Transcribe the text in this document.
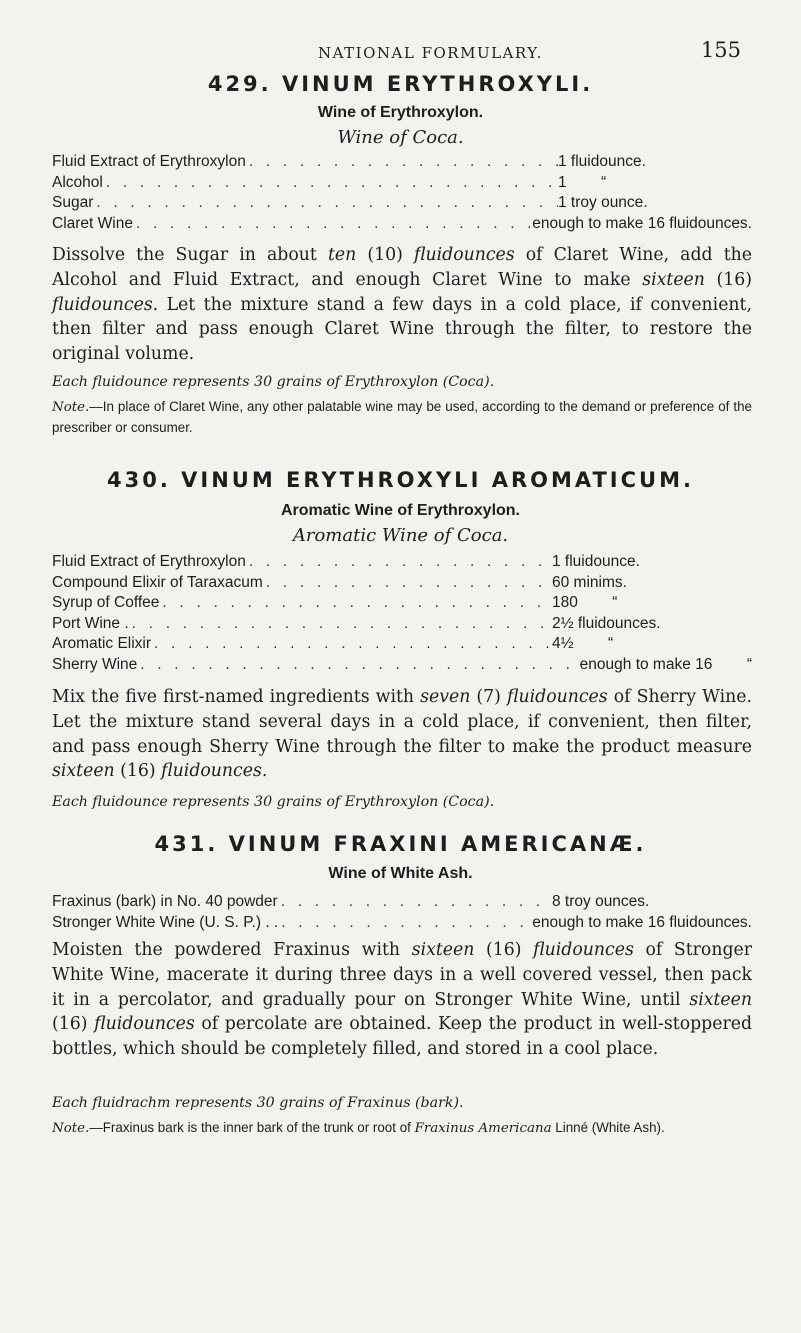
NATIONAL FORMULARY.	155
429. VINUM ERYTHROXYLI.
Wine of Erythroxylon.
Wine of Coca.
Fluid Extract of Erythroxylon . . .	1 fluidounce.
Alcohol . . .	1        “
Sugar . . .	1 troy ounce.
Claret Wine . . .	enough to make 16 fluidounces.
Dissolve the Sugar in about ten (10) fluidounces of Claret Wine, add the Alcohol and Fluid Extract, and enough Claret Wine to make sixteen (16) fluidounces. Let the mixture stand a few days in a cold place, if convenient, then filter and pass enough Claret Wine through the filter, to restore the original volume.
Each fluidounce represents 30 grains of Erythroxylon (Coca).
Note.—In place of Claret Wine, any other palatable wine may be used, according to the demand or preference of the prescriber or consumer.
430. VINUM ERYTHROXYLI AROMATICUM.
Aromatic Wine of Erythroxylon.
Aromatic Wine of Coca.
Fluid Extract of Erythroxylon . . .	1 fluidounce.
Compound Elixir of Taraxacum . . .	60 minims.
Syrup of Coffee . . .	180        “
Port Wine . . . .	2½ fluidounces.
Aromatic Elixir . . .	4½        “
Sherry Wine . . .	enough to make 16        “
Mix the five first-named ingredients with seven (7) fluidounces of Sherry Wine. Let the mixture stand several days in a cold place, if convenient, then filter, and pass enough Sherry Wine through the filter to make the product measure sixteen (16) fluidounces.
Each fluidounce represents 30 grains of Erythroxylon (Coca).
431. VINUM FRAXINI AMERICANÆ.
Wine of White Ash.
Fraxinus (bark) in No. 40 powder . . .	8 troy ounces.
Stronger White Wine (U. S. P.) . . . . .	enough to make 16 fluidounces.
Moisten the powdered Fraxinus with sixteen (16) fluidounces of Stronger White Wine, macerate it during three days in a well covered vessel, then pack it in a percolator, and gradually pour on Stronger White Wine, until sixteen (16) fluidounces of percolate are obtained. Keep the product in well-stoppered bottles, which should be completely filled, and stored in a cool place.
Each fluidrachm represents 30 grains of Fraxinus (bark).
Note.—Fraxinus bark is the inner bark of the trunk or root of Fraxinus Americana Linné (White Ash).
